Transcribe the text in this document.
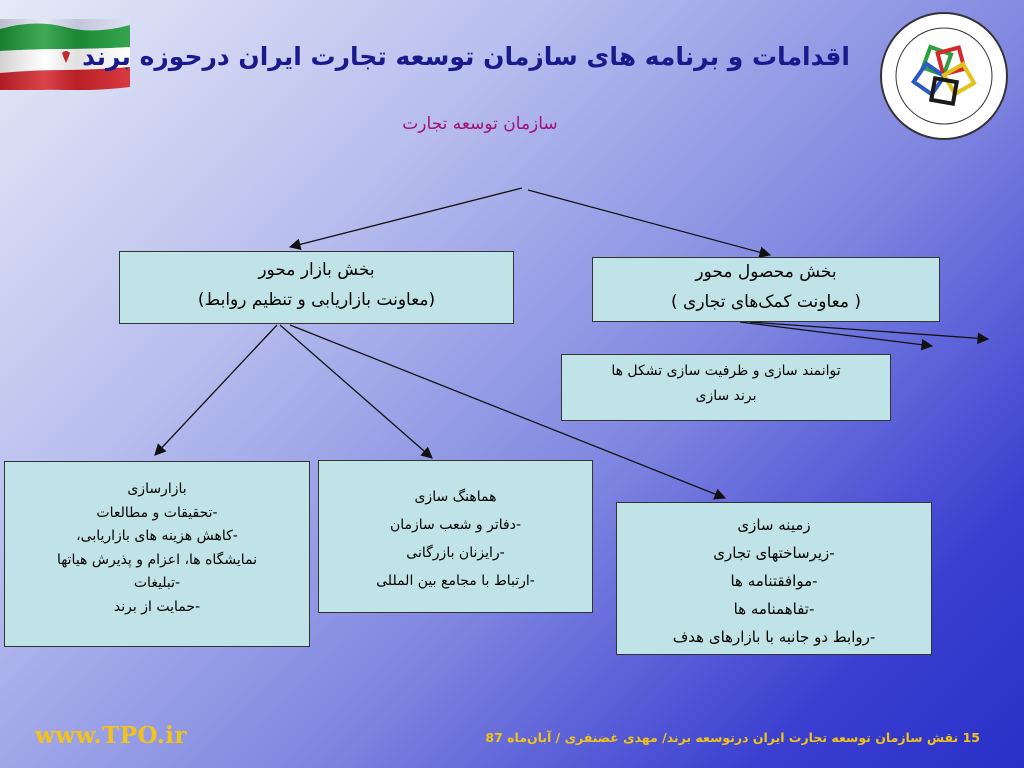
اقدامات و برنامه های سازمان توسعه تجارت ایران درحوزه برند
سازمان توسعه تجارت
بخش بازار محور
(معاونت بازاریابی و تنظیم روابط)
بخش محصول محور
( معاونت کمک‌های تجاری )
توانمند سازی و ظرفیت سازی تشکل ها
برند سازی
بازارسازی
-تحقیقات و مطالعات
-کاهش هزینه های بازاریابی،
نمایشگاه ها، اعزام و پذیرش هیاتها
-تبلیغات
-حمایت از برند
هماهنگ سازی
-دفاتر و شعب سازمان
-رایزنان بازرگانی
-ارتباط با مجامع بین المللی
زمینه سازی
-زیرساختهای تجاری
-موافقتنامه ها
-تفاهمنامه ها
-روابط دو جانبه با بازارهای هدف
www.TPO.ir	15 نقش سازمان توسعه تجارت ایران درتوسعه برند/ مهدی غضنفری / آبان‌ماه 87
